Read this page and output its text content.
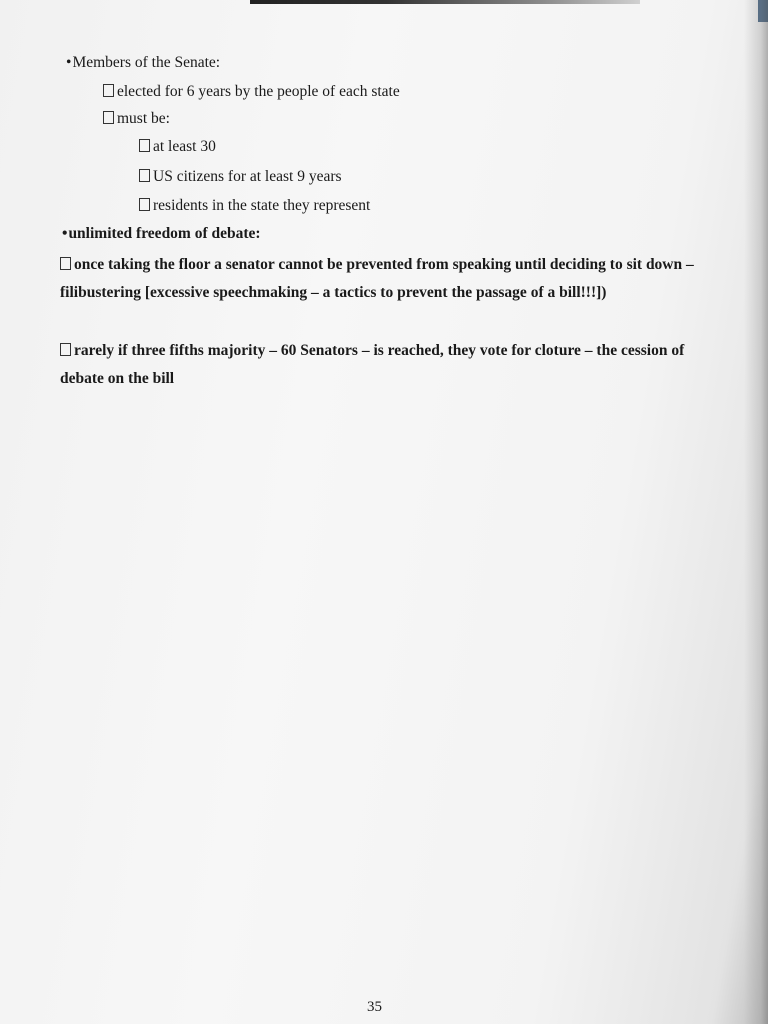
•Members of the Senate:
elected for 6 years by the people of each state
must be:
at least 30
US citizens for at least 9 years
residents in the state they represent
•unlimited freedom of debate:
once taking the floor a senator cannot be prevented from speaking until deciding to sit down – filibustering [excessive speechmaking – a tactics to prevent the passage of a bill!!!])
rarely if three fifths majority – 60 Senators – is reached, they vote for cloture – the cession of debate on the bill
35
